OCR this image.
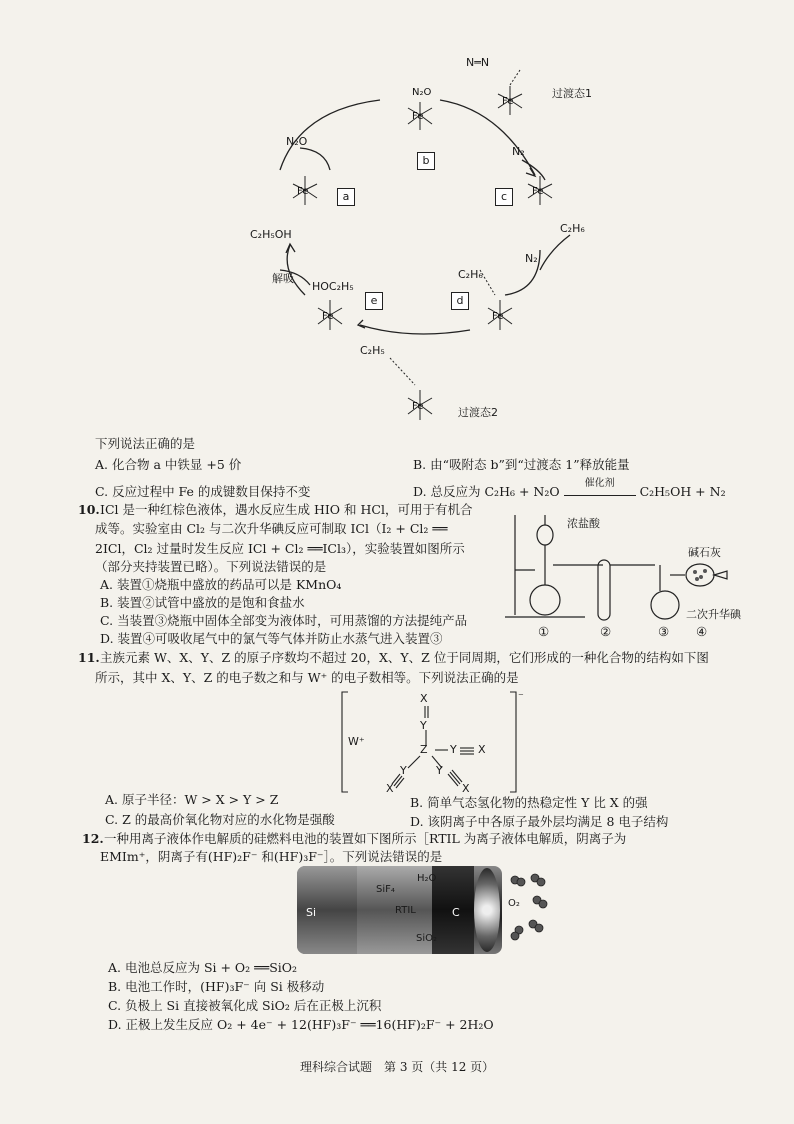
Fe
N₂O
Fe
Fe	Fe
Fe	Fe
Fe
N═N
过渡态1
N₂O
N₂
C₂H₆
N₂
C₂H₅OH
解吸
HOC₂H₅
C₂H₆
C₂H₅
过渡态2
b
a	c
e	d
下列说法正确的是
A. 化合物 a 中铁显 +5 价	B. 由“吸附态 b”到“过渡态 1”释放能量
C. 反应过程中 Fe 的成键数目保持不变	D. 总反应为 C₂H₆ + N₂O
催化剂
C₂H₅OH + N₂
10. ICl 是一种红棕色液体，遇水反应生成 HIO 和 HCl，可用于有机合
成等。实验室由 Cl₂ 与二次升华碘反应可制取 ICl（I₂ + Cl₂ ══
2ICl，Cl₂ 过量时发生反应 ICl + Cl₂ ══ICl₃），实验装置如图所示
（部分夹持装置已略）。下列说法错误的是
A. 装置①烧瓶中盛放的药品可以是 KMnO₄
B. 装置②试管中盛放的是饱和食盐水
C. 当装置③烧瓶中固体全部变为液体时，可用蒸馏的方法提纯产品
D. 装置④可吸收尾气中的氯气等气体并防止水蒸气进入装置③
浓盐酸
碱石灰
二次升华碘
①	②	③ ④
11. 主族元素 W、X、Y、Z 的原子序数均不超过 20，X、Y、Z 位于同周期，它们形成的一种化合物的结构如下图
所示，其中 X、Y、Z 的电子数之和与 W⁺ 的电子数相等。下列说法正确的是
W⁺
X
Y
Z Y X
Y	Y
X	X
⁻
A. 原子半径：W > X > Y > Z	B. 简单气态氢化物的热稳定性 Y 比 X 的强
C. Z 的最高价氧化物对应的水化物是强酸	D. 该阴离子中各原子最外层均满足 8 电子结构
12. 一种用离子液体作电解质的硅燃料电池的装置如下图所示［RTIL 为离子液体电解质，阴离子为
EMIm⁺，阴离子有(HF)₂F⁻ 和(HF)₃F⁻］。下列说法错误的是
Si	C
SiF₄
H₂O
RTIL
SiO₂
O₂
A. 电池总反应为 Si + O₂ ══SiO₂
B. 电池工作时，(HF)₃F⁻ 向 Si 极移动
C. 负极上 Si 直接被氧化成 SiO₂ 后在正极上沉积
D. 正极上发生反应 O₂ + 4e⁻ + 12(HF)₃F⁻ ══16(HF)₂F⁻ + 2H₂O
理科综合试题　第 3 页（共 12 页）
